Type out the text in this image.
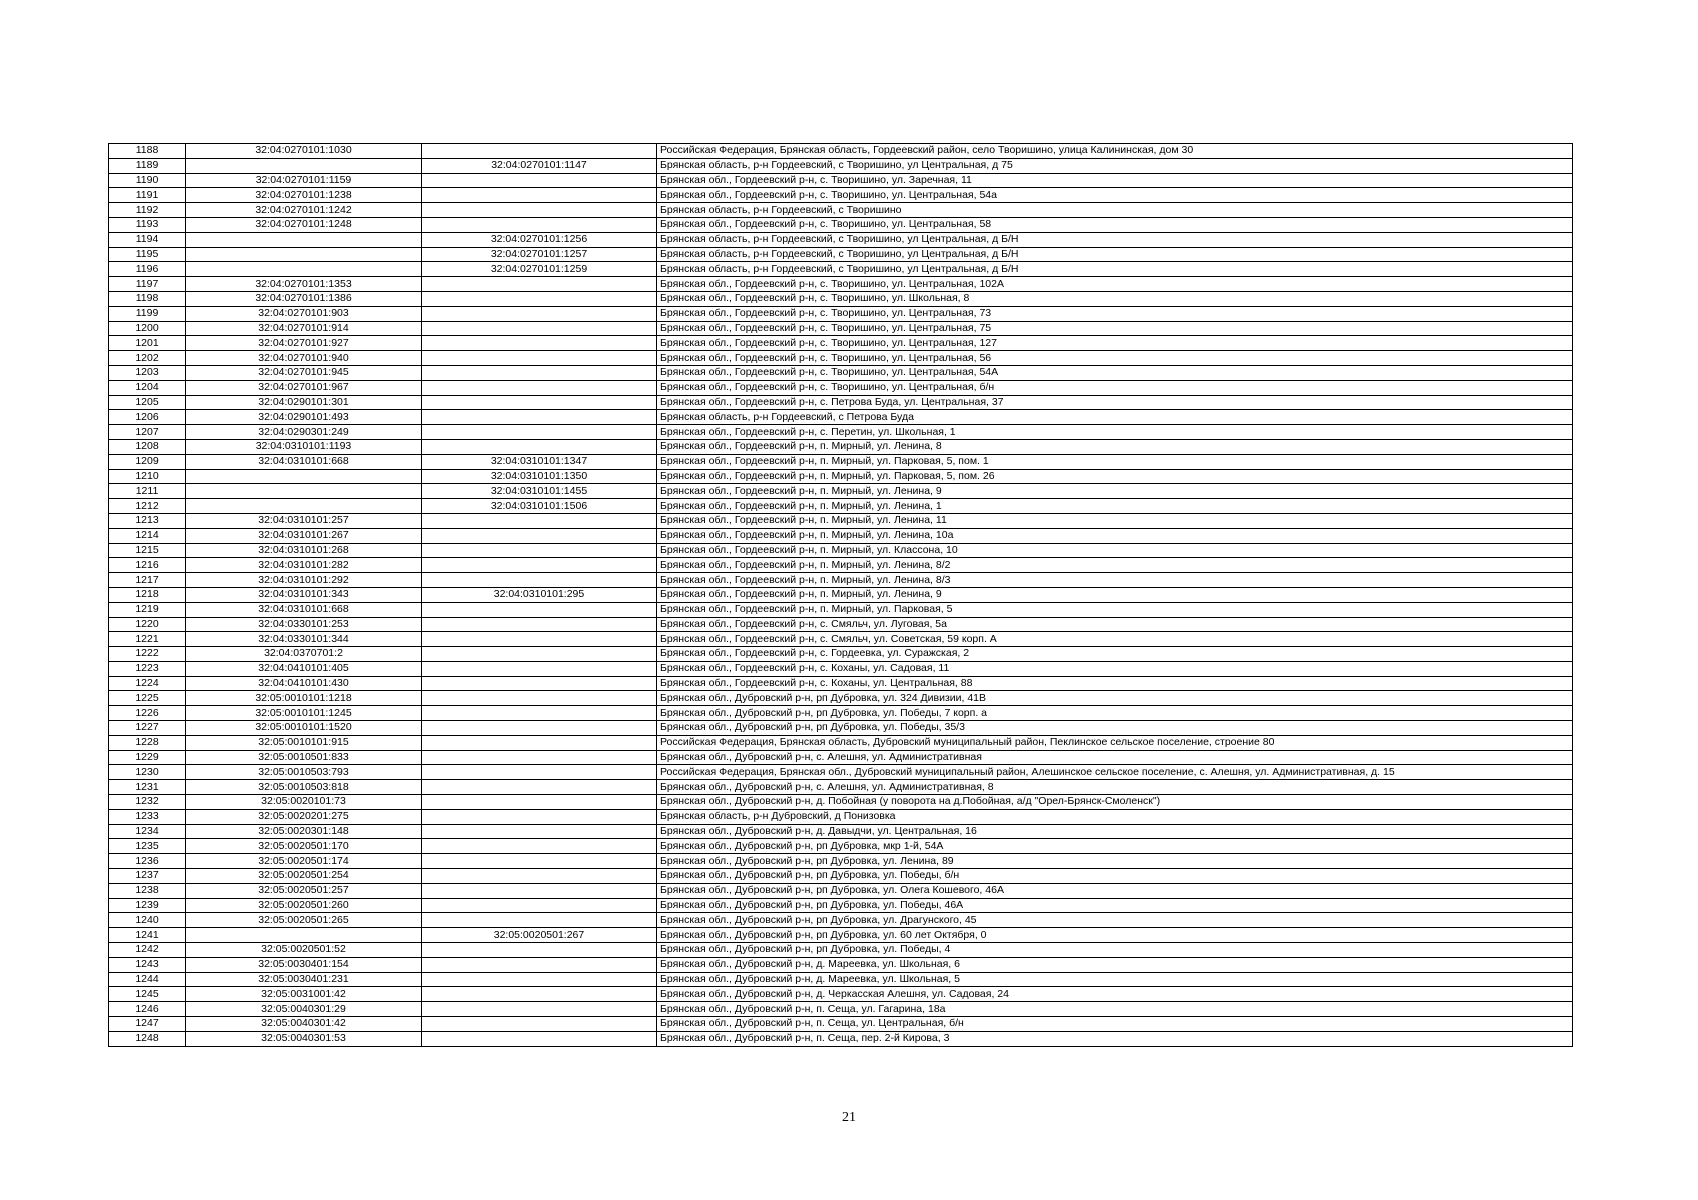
1188	32:04:0270101:1030		Российская Федерация, Брянская область, Гордеевский район, село Творишино, улица Калининская, дом 30
1189		32:04:0270101:1147	Брянская область, р-н Гордеевский, с Творишино, ул Центральная, д 75
1190	32:04:0270101:1159		Брянская обл., Гордеевский р-н, с. Творишино, ул. Заречная, 11
1191	32:04:0270101:1238		Брянская обл., Гордеевский р-н, с. Творишино, ул. Центральная, 54а
1192	32:04:0270101:1242		Брянская область, р-н Гордеевский, с Творишино
1193	32:04:0270101:1248		Брянская обл., Гордеевский р-н, с. Творишино, ул. Центральная, 58
1194		32:04:0270101:1256	Брянская область, р-н Гордеевский, с Творишино, ул Центральная, д Б/Н
1195		32:04:0270101:1257	Брянская область, р-н Гордеевский, с Творишино, ул Центральная, д Б/Н
1196		32:04:0270101:1259	Брянская область, р-н Гордеевский, с Творишино, ул Центральная, д Б/Н
1197	32:04:0270101:1353		Брянская обл., Гордеевский р-н, с. Творишино, ул. Центральная, 102А
1198	32:04:0270101:1386		Брянская обл., Гордеевский р-н, с. Творишино, ул. Школьная, 8
1199	32:04:0270101:903		Брянская обл., Гордеевский р-н, с. Творишино, ул. Центральная, 73
1200	32:04:0270101:914		Брянская обл., Гордеевский р-н, с. Творишино, ул. Центральная, 75
1201	32:04:0270101:927		Брянская обл., Гордеевский р-н, с. Творишино, ул. Центральная, 127
1202	32:04:0270101:940		Брянская обл., Гордеевский р-н, с. Творишино, ул. Центральная, 56
1203	32:04:0270101:945		Брянская обл., Гордеевский р-н, с. Творишино, ул. Центральная, 54А
1204	32:04:0270101:967		Брянская обл., Гордеевский р-н, с. Творишино, ул. Центральная, б/н
1205	32:04:0290101:301		Брянская обл., Гордеевский р-н, с. Петрова Буда, ул. Центральная, 37
1206	32:04:0290101:493		Брянская область, р-н Гордеевский, с Петрова Буда
1207	32:04:0290301:249		Брянская обл., Гордеевский р-н, с. Перетин, ул. Школьная, 1
1208	32:04:0310101:1193		Брянская обл., Гордеевский р-н, п. Мирный, ул. Ленина, 8
1209	32:04:0310101:668	32:04:0310101:1347	Брянская обл., Гордеевский р-н, п. Мирный, ул. Парковая, 5, пом. 1
1210		32:04:0310101:1350	Брянская обл., Гордеевский р-н, п. Мирный, ул. Парковая, 5, пом. 26
1211		32:04:0310101:1455	Брянская обл., Гордеевский р-н, п. Мирный, ул. Ленина, 9
1212		32:04:0310101:1506	Брянская обл., Гордеевский р-н, п. Мирный, ул. Ленина, 1
1213	32:04:0310101:257		Брянская обл., Гордеевский р-н, п. Мирный, ул. Ленина, 11
1214	32:04:0310101:267		Брянская обл., Гордеевский р-н, п. Мирный, ул. Ленина, 10а
1215	32:04:0310101:268		Брянская обл., Гордеевский р-н, п. Мирный, ул. Классона, 10
1216	32:04:0310101:282		Брянская обл., Гордеевский р-н, п. Мирный, ул. Ленина, 8/2
1217	32:04:0310101:292		Брянская обл., Гордеевский р-н, п. Мирный, ул. Ленина, 8/3
1218	32:04:0310101:343	32:04:0310101:295	Брянская обл., Гордеевский р-н, п. Мирный, ул. Ленина, 9
1219	32:04:0310101:668		Брянская обл., Гордеевский р-н, п. Мирный, ул. Парковая, 5
1220	32:04:0330101:253		Брянская обл., Гордеевский р-н, с. Смяльч, ул. Луговая, 5а
1221	32:04:0330101:344		Брянская обл., Гордеевский р-н, с. Смяльч, ул. Советская, 59 корп. А
1222	32:04:0370701:2		Брянская обл., Гордеевский р-н, с. Гордеевка, ул. Суражская, 2
1223	32:04:0410101:405		Брянская обл., Гордеевский р-н, с. Коханы, ул. Садовая, 11
1224	32:04:0410101:430		Брянская обл., Гордеевский р-н, с. Коханы, ул. Центральная, 88
1225	32:05:0010101:1218		Брянская обл., Дубровский р-н, рп Дубровка, ул. 324 Дивизии, 41В
1226	32:05:0010101:1245		Брянская обл., Дубровский р-н, рп Дубровка, ул. Победы, 7 корп. а
1227	32:05:0010101:1520		Брянская обл., Дубровский р-н, рп Дубровка, ул. Победы, 35/3
1228	32:05:0010101:915		Российская Федерация, Брянская область, Дубровский муниципальный район, Пеклинское сельское поселение, строение 80
1229	32:05:0010501:833		Брянская обл., Дубровский р-н, с. Алешня, ул. Административная
1230	32:05:0010503:793		Российская Федерация, Брянская обл., Дубровский муниципальный район, Алешинское сельское поселение, с. Алешня, ул. Административная, д. 15
1231	32:05:0010503:818		Брянская обл., Дубровский р-н, с. Алешня, ул. Административная, 8
1232	32:05:0020101:73		Брянская обл., Дубровский р-н, д. Побойная (у поворота на д.Побойная, а/д "Орел-Брянск-Смоленск")
1233	32:05:0020201:275		Брянская область, р-н Дубровский, д Понизовка
1234	32:05:0020301:148		Брянская обл., Дубровский р-н, д. Давыдчи, ул. Центральная, 16
1235	32:05:0020501:170		Брянская обл., Дубровский р-н, рп Дубровка, мкр 1-й, 54А
1236	32:05:0020501:174		Брянская обл., Дубровский р-н, рп Дубровка, ул. Ленина, 89
1237	32:05:0020501:254		Брянская обл., Дубровский р-н, рп Дубровка, ул. Победы, б/н
1238	32:05:0020501:257		Брянская обл., Дубровский р-н, рп Дубровка, ул. Олега Кошевого, 46А
1239	32:05:0020501:260		Брянская обл., Дубровский р-н, рп Дубровка, ул. Победы, 46А
1240	32:05:0020501:265		Брянская обл., Дубровский р-н, рп Дубровка, ул. Драгунского, 45
1241		32:05:0020501:267	Брянская обл., Дубровский р-н, рп Дубровка, ул. 60 лет Октября, 0
1242	32:05:0020501:52		Брянская обл., Дубровский р-н, рп Дубровка, ул. Победы, 4
1243	32:05:0030401:154		Брянская обл., Дубровский р-н, д. Мареевка, ул. Школьная, 6
1244	32:05:0030401:231		Брянская обл., Дубровский р-н, д. Мареевка, ул. Школьная, 5
1245	32:05:0031001:42		Брянская обл., Дубровский р-н, д. Черкасская Алешня, ул. Садовая, 24
1246	32:05:0040301:29		Брянская обл., Дубровский р-н, п. Сеща, ул. Гагарина, 18а
1247	32:05:0040301:42		Брянская обл., Дубровский р-н, п. Сеща, ул. Центральная, б/н
1248	32:05:0040301:53		Брянская обл., Дубровский р-н, п. Сеща, пер. 2-й Кирова, 3
21
